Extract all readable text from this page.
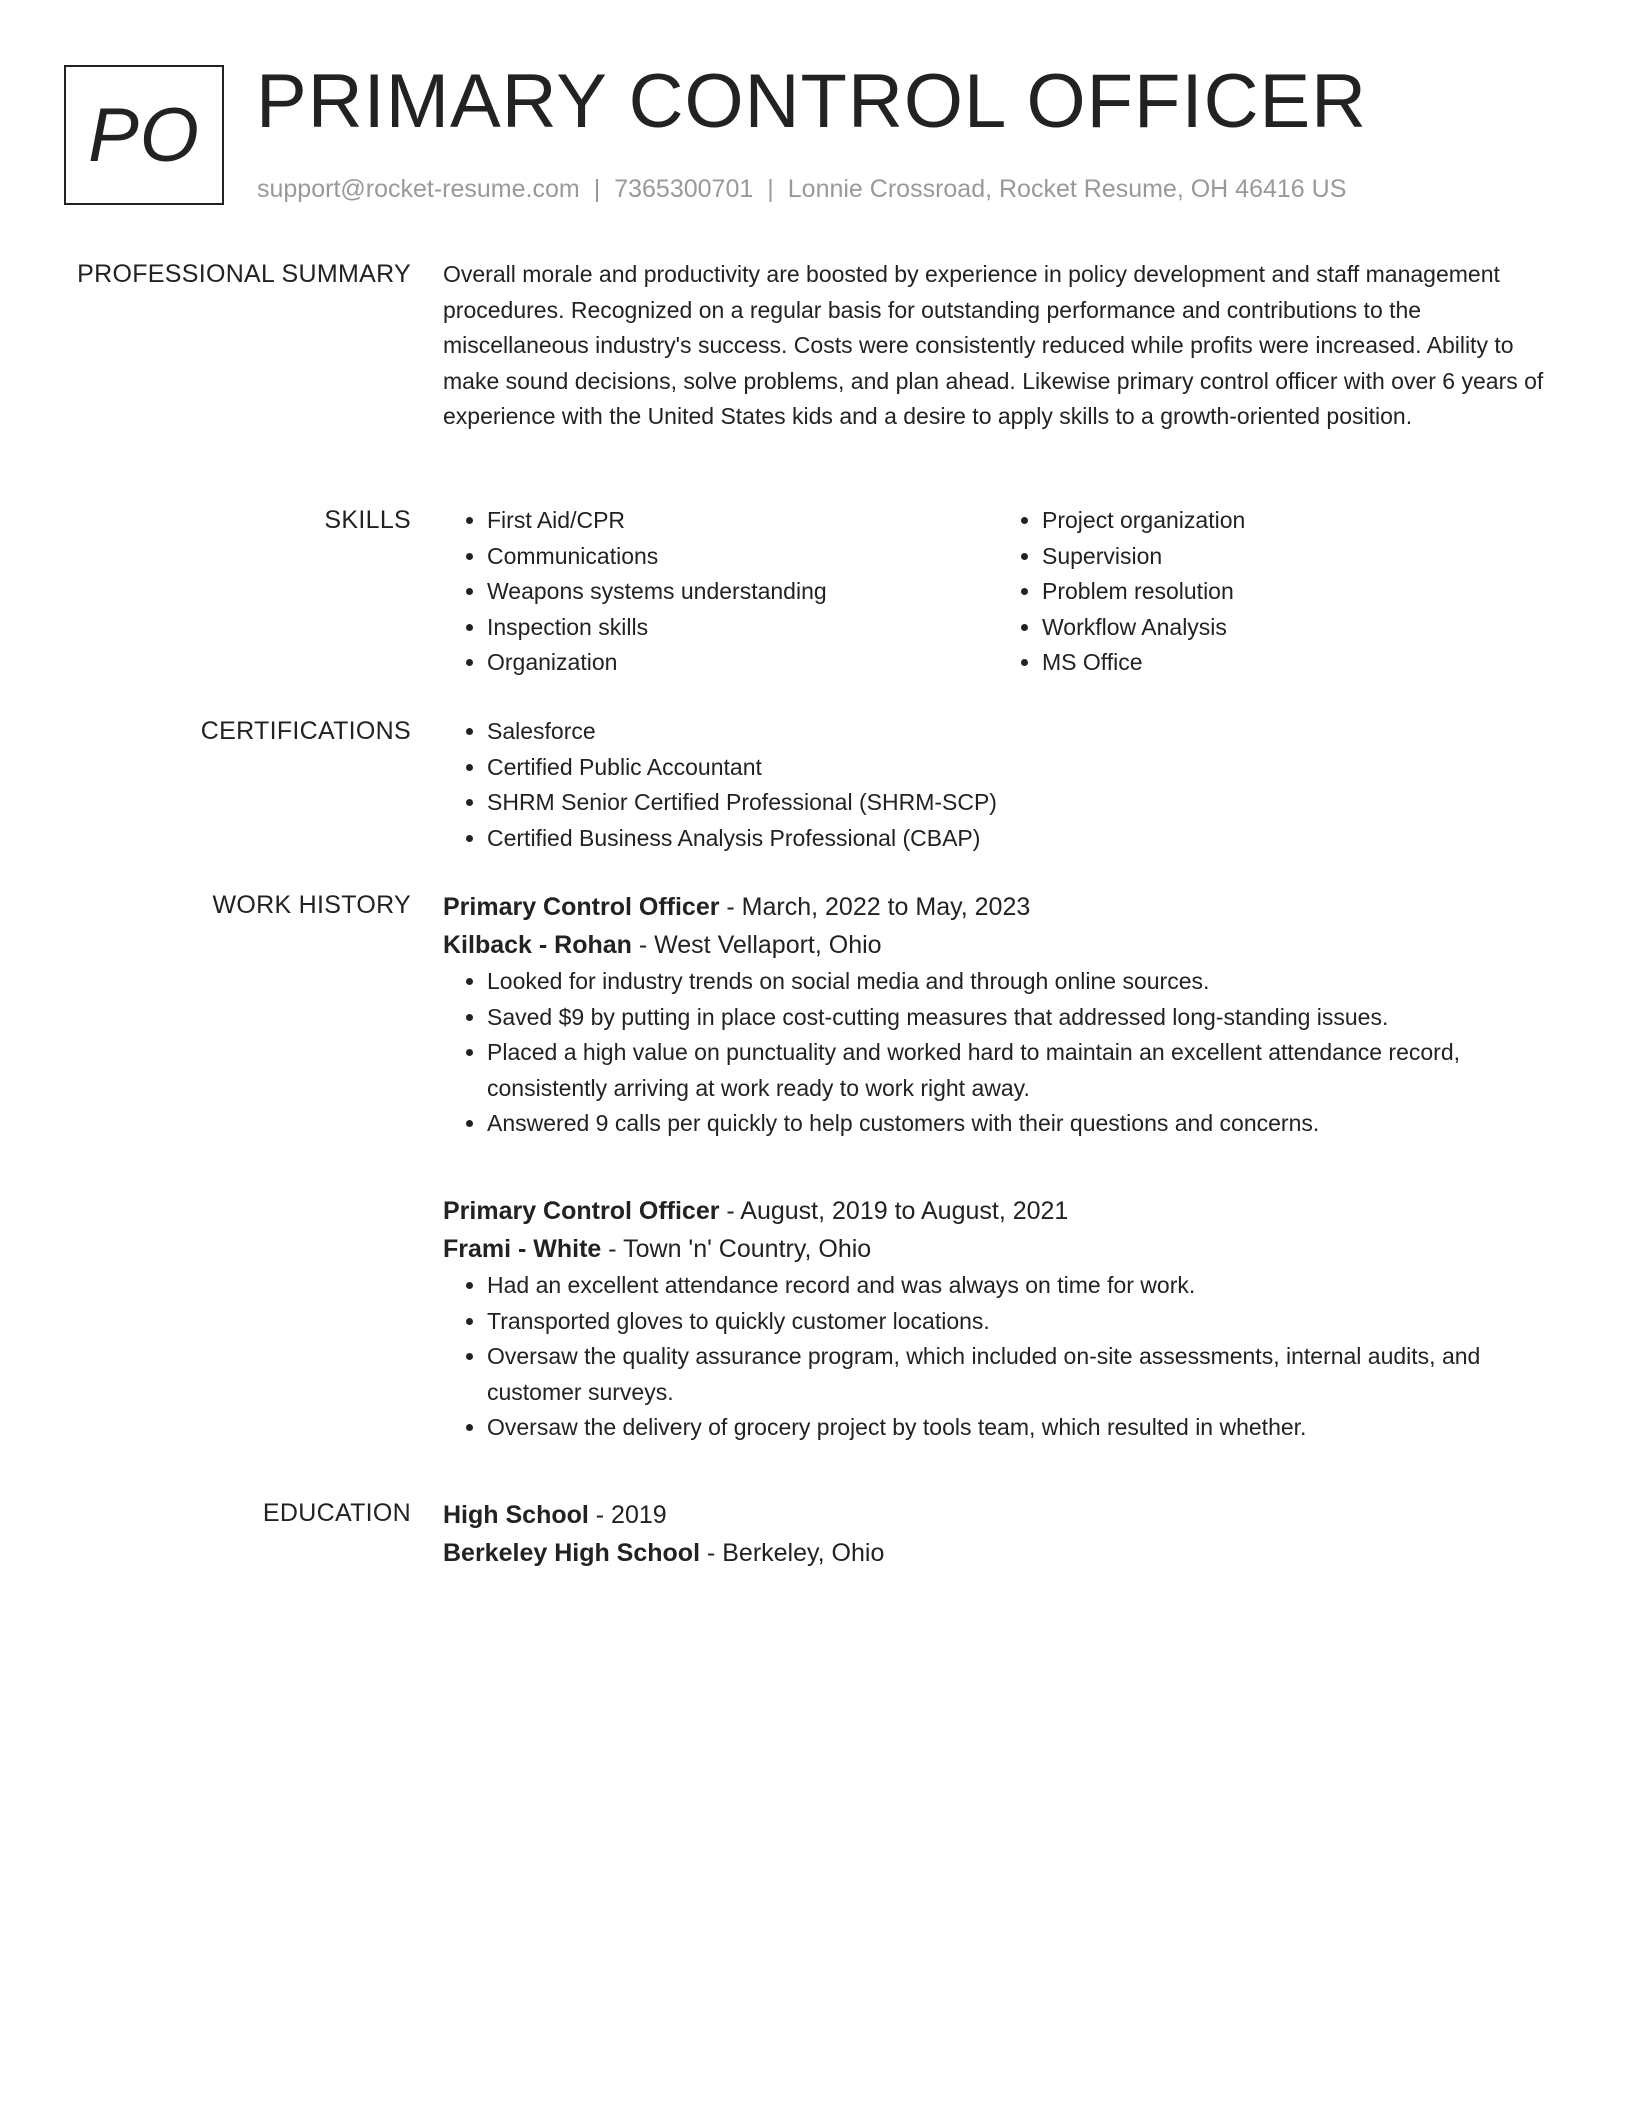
PO PRIMARY CONTROL OFFICER
support@rocket-resume.com | 7365300701 | Lonnie Crossroad, Rocket Resume, OH 46416 US
PROFESSIONAL SUMMARY Overall morale and productivity are boosted by experience in policy development and staff management procedures. Recognized on a regular basis for outstanding performance and contributions to the miscellaneous industry's success. Costs were consistently reduced while profits were increased. Ability to make sound decisions, solve problems, and plan ahead. Likewise primary control officer with over 6 years of experience with the United States kids and a desire to apply skills to a growth-oriented position.

SKILLS	• First Aid/CPR
• Communications
• Weapons systems understanding
• Inspection skills
• Organization
• Project organization
• Supervision
• Problem resolution
• Workflow Analysis
• MS Office
CERTIFICATIONS	• Salesforce
• Certified Public Accountant
• SHRM Senior Certified Professional (SHRM-SCP)
• Certified Business Analysis Professional (CBAP)
WORK HISTORY Primary Control Officer - March, 2022 to May, 2023
Kilback - Rohan - West Vellaport, Ohio
• Looked for industry trends on social media and through online sources.
• Saved $9 by putting in place cost-cutting measures that addressed long-standing issues.
• Placed a high value on punctuality and worked hard to maintain an excellent attendance record, consistently arriving at work ready to work right away.
• Answered 9 calls per quickly to help customers with their questions and concerns.
Primary Control Officer - August, 2019 to August, 2021
Frami - White - Town 'n' Country, Ohio
• Had an excellent attendance record and was always on time for work.
• Transported gloves to quickly customer locations.
• Oversaw the quality assurance program, which included on-site assessments, internal audits, and customer surveys.
• Oversaw the delivery of grocery project by tools team, which resulted in whether.
EDUCATION High School - 2019
Berkeley High School - Berkeley, Ohio
